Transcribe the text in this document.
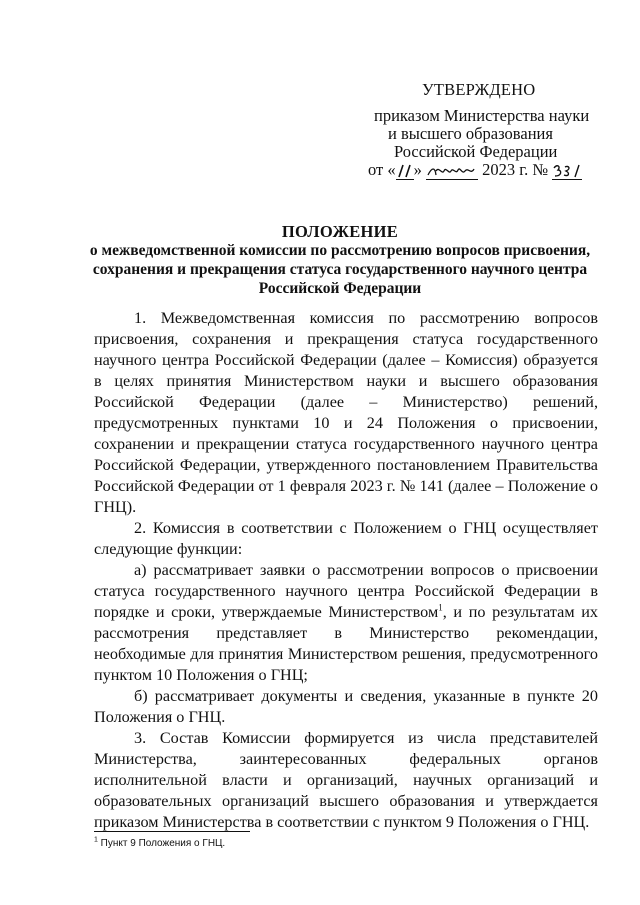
УТВЕРЖДЕНО
приказом Министерства науки
и высшего образования
Российской Федерации
от « »	2023 г. №
ПОЛОЖЕНИЕ
о межведомственной комиссии по рассмотрению вопросов присвоения, сохранения и прекращения статуса государственного научного центра Российской Федерации

1. Межведомственная комиссия по рассмотрению вопросов присвоения, сохранения и прекращения статуса государственного научного центра Российской Федерации (далее – Комиссия) образуется в целях принятия Министерством науки и высшего образования Российской Федерации (далее – Министерство) решений, предусмотренных пунктами 10 и 24 Положения о присвоении, сохранении и прекращении статуса государственного научного центра Российской Федерации, утвержденного постановлением Правительства Российской Федерации от 1 февраля 2023 г. № 141 (далее – Положение о ГНЦ).

2. Комиссия в соответствии с Положением о ГНЦ осуществляет следующие функции:

а) рассматривает заявки о рассмотрении вопросов о присвоении статуса государственного научного центра Российской Федерации в порядке и сроки, утверждаемые Министерством$^1$, и по результатам их рассмотрения представляет в Министерство рекомендации, необходимые для принятия Министерством решения, предусмотренного пунктом 10 Положения о ГНЦ;

б) рассматривает документы и сведения, указанные в пункте 20 Положения о ГНЦ.

3. Состав Комиссии формируется из числа представителей Министерства, заинтересованных федеральных органов исполнительной власти и организаций, научных организаций и образовательных организаций высшего образования и утверждается приказом Министерства в соответствии с пунктом 9 Положения о ГНЦ.

$^1$ Пункт 9 Положения о ГНЦ.
